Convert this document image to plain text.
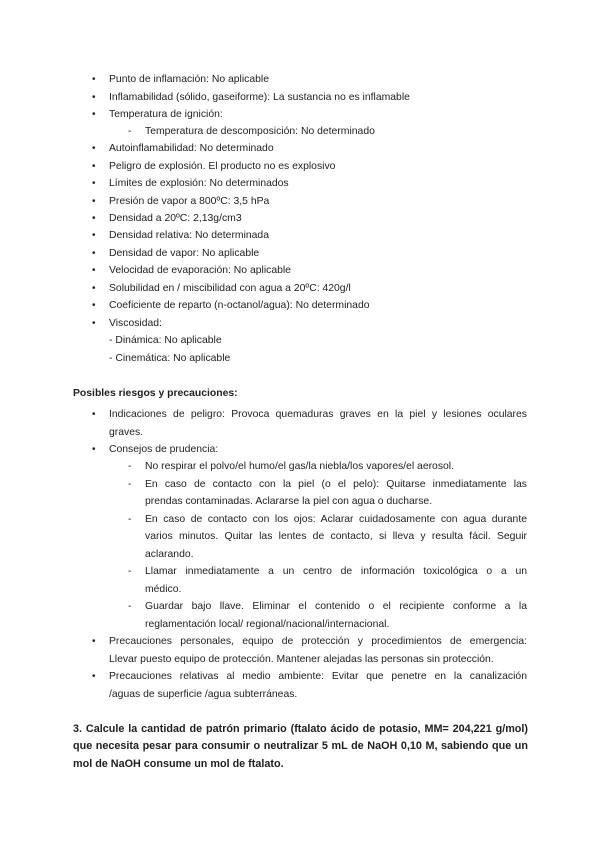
Punto de inflamación: No aplicable
Inflamabilidad (sólido, gaseiforme): La sustancia no es inflamable
Temperatura de ignición:
- Temperatura de descomposición: No determinado
Autoinflamabilidad: No determinado
Peligro de explosión. El producto no es explosivo
Límites de explosión: No determinados
Presión de vapor a 800ºC: 3,5 hPa
Densidad a 20ºC: 2,13g/cm3
Densidad relativa: No determinada
Densidad de vapor: No aplicable
Velocidad de evaporación: No aplicable
Solubilidad en / miscibilidad con agua a 20ºC: 420g/l
Coeficiente de reparto (n-octanol/agua): No determinado
Viscosidad:
- Dinámica: No aplicable
- Cinemática: No aplicable
Posibles riesgos y precauciones:
Indicaciones de peligro: Provoca quemaduras graves en la piel y lesiones oculares
graves.
Consejos de prudencia:
- No respirar el polvo/el humo/el gas/la niebla/los vapores/el aerosol.
- En caso de contacto con la piel (o el pelo): Quitarse inmediatamente las
prendas contaminadas. Aclararse la piel con agua o ducharse.
- En caso de contacto con los ojos: Aclarar cuidadosamente con agua durante
varios minutos. Quitar las lentes de contacto, si lleva y resulta fácil. Seguir
aclarando.
- Llamar inmediatamente a un centro de información toxicológica o a un
médico.
- Guardar bajo llave. Eliminar el contenido o el recipiente conforme a la
reglamentación local/ regional/nacional/internacional.
Precauciones personales, equipo de protección y procedimientos de emergencia:
Llevar puesto equipo de protección. Mantener alejadas las personas sin protección.
Precauciones relativas al medio ambiente: Evitar que penetre en la canalización
/aguas de superficie /agua subterráneas.
3. Calcule la cantidad de patrón primario (ftalato ácido de potasio, MM= 204,221 g/mol)
que necesita pesar para consumir o neutralizar 5 mL de NaOH 0,10 M, sabiendo que un
mol de NaOH consume un mol de ftalato.
